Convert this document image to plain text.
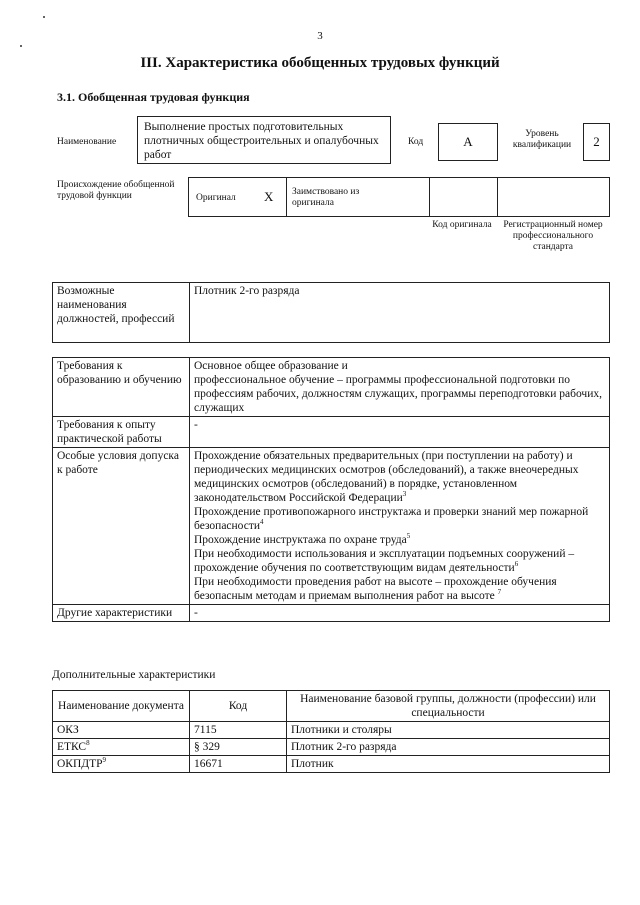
3
III. Характеристика обобщенных трудовых функций
3.1. Обобщенная трудовая функция
Наименование
Выполнение простых подготовительных плотничных общестроительных и опалубочных работ
Код	А	Уровень квалификации	2
Происхождение обобщенной трудовой функции	Оригинал Х Заимствовано из оригинала
Код оригинала	Регистрационный номер профессионального стандарта
Возможные наименования должностей, профессий	Плотник 2-го разряда
Требования к образованию и обучению	Основное общее образование и
профессиональное обучение – программы профессиональной подготовки по профессиям рабочих, должностям служащих, программы переподготовки рабочих, служащих

Требования к опыту практической работы	-
Особые условия допуска к работе	Прохождение обязательных предварительных (при поступлении на работу) и периодических медицинских осмотров (обследований), а также внеочередных медицинских осмотров (обследований) в порядке, установленном законодательством Российской Федерации$^3$
Прохождение противопожарного инструктажа и проверки знаний мер пожарной безопасности$^4$
Прохождение инструктажа по охране труда$^5$
При необходимости использования и эксплуатации подъемных сооружений – прохождение обучения по соответствующим видам деятельности$^6$
При необходимости проведения работ на высоте – прохождение обучения безопасным методам и приемам выполнения работ на высоте $^7$

Другие характеристики	-
Дополнительные характеристики
Наименование документа	Код	Наименование базовой группы, должности (профессии) или специальности
ОКЗ	7115	Плотники и столяры
ЕТКС$^8$	§ 329	Плотник 2-го разряда
ОКПДТР$^9$	16671	Плотник
